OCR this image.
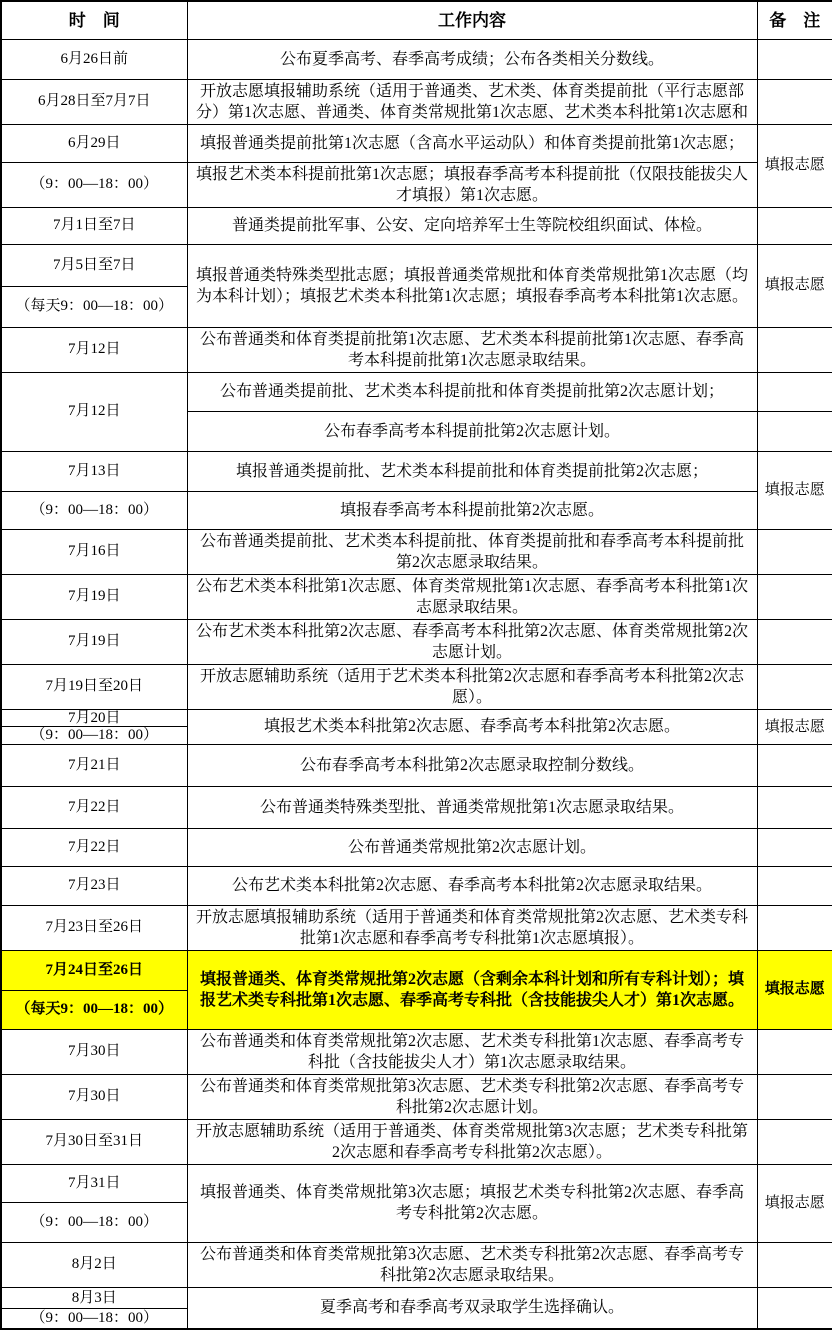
时　间	工作内容	备　注
6月26日前	公布夏季高考、春季高考成绩；公布各类相关分数线。	
6月28日至7月7日	开放志愿填报辅助系统（适用于普通类、艺术类、体育类提前批（平行志愿部分）第1次志愿、普通类、体育类常规批第1次志愿、艺术类本科批第1次志愿和	
6月29日	填报普通类提前批第1次志愿（含高水平运动队）和体育类提前批第1次志愿；	填报志愿
（9：00—18：00）	填报艺术类本科提前批第1次志愿；填报春季高考本科提前批（仅限技能拔尖人才填报）第1次志愿。	
7月1日至7日	普通类提前批军事、公安、定向培养军士生等院校组织面试、体检。	
7月5日至7日	填报普通类特殊类型批志愿；填报普通类常规批和体育类常规批第1次志愿（均为本科计划）；填报艺术类本科批第1次志愿；填报春季高考本科批第1次志愿。	填报志愿
（每天9：00—18：00）		
7月12日	公布普通类和体育类提前批第1次志愿、艺术类本科提前批第1次志愿、春季高考本科提前批第1次志愿录取结果。	
7月12日	公布普通类提前批、艺术类本科提前批和体育类提前批第2次志愿计划；	
	公布春季高考本科提前批第2次志愿计划。	
7月13日	填报普通类提前批、艺术类本科提前批和体育类提前批第2次志愿；	填报志愿
（9：00—18：00）	填报春季高考本科提前批第2次志愿。	
7月16日	公布普通类提前批、艺术类本科提前批、体育类提前批和春季高考本科提前批第2次志愿录取结果。	
7月19日	公布艺术类本科批第1次志愿、体育类常规批第1次志愿、春季高考本科批第1次志愿录取结果。	
7月19日	公布艺术类本科批第2次志愿、春季高考本科批第2次志愿、体育类常规批第2次志愿计划。	
7月19日至20日	开放志愿辅助系统（适用于艺术类本科批第2次志愿和春季高考本科批第2次志愿）。	
7月20日	填报艺术类本科批第2次志愿、春季高考本科批第2次志愿。	填报志愿
（9：00—18：00）		
7月21日	公布春季高考本科批第2次志愿录取控制分数线。	
7月22日	公布普通类特殊类型批、普通类常规批第1次志愿录取结果。	
7月22日	公布普通类常规批第2次志愿计划。	
7月23日	公布艺术类本科批第2次志愿、春季高考本科批第2次志愿录取结果。	
7月23日至26日	开放志愿填报辅助系统（适用于普通类和体育类常规批第2次志愿、艺术类专科批第1次志愿和春季高考专科批第1次志愿填报）。	
7月24日至26日	填报普通类、体育类常规批第2次志愿（含剩余本科计划和所有专科计划）；填报艺术类专科批第1次志愿、春季高考专科批（含技能拔尖人才）第1次志愿。	填报志愿
（每天9：00—18：00）		
7月30日	公布普通类和体育类常规批第2次志愿、艺术类专科批第1次志愿、春季高考专科批（含技能拔尖人才）第1次志愿录取结果。	
7月30日	公布普通类和体育类常规批第3次志愿、艺术类专科批第2次志愿、春季高考专科批第2次志愿计划。	
7月30日至31日	开放志愿辅助系统（适用于普通类、体育类常规批第3次志愿；艺术类专科批第2次志愿和春季高考专科批第2次志愿）。	
7月31日	填报普通类、体育类常规批第3次志愿；填报艺术类专科批第2次志愿、春季高考专科批第2次志愿。	填报志愿
（9：00—18：00）		
8月2日	公布普通类和体育类常规批第3次志愿、艺术类专科批第2次志愿、春季高考专科批第2次志愿录取结果。	
8月3日	夏季高考和春季高考双录取学生选择确认。	
（9：00—18：00）		
